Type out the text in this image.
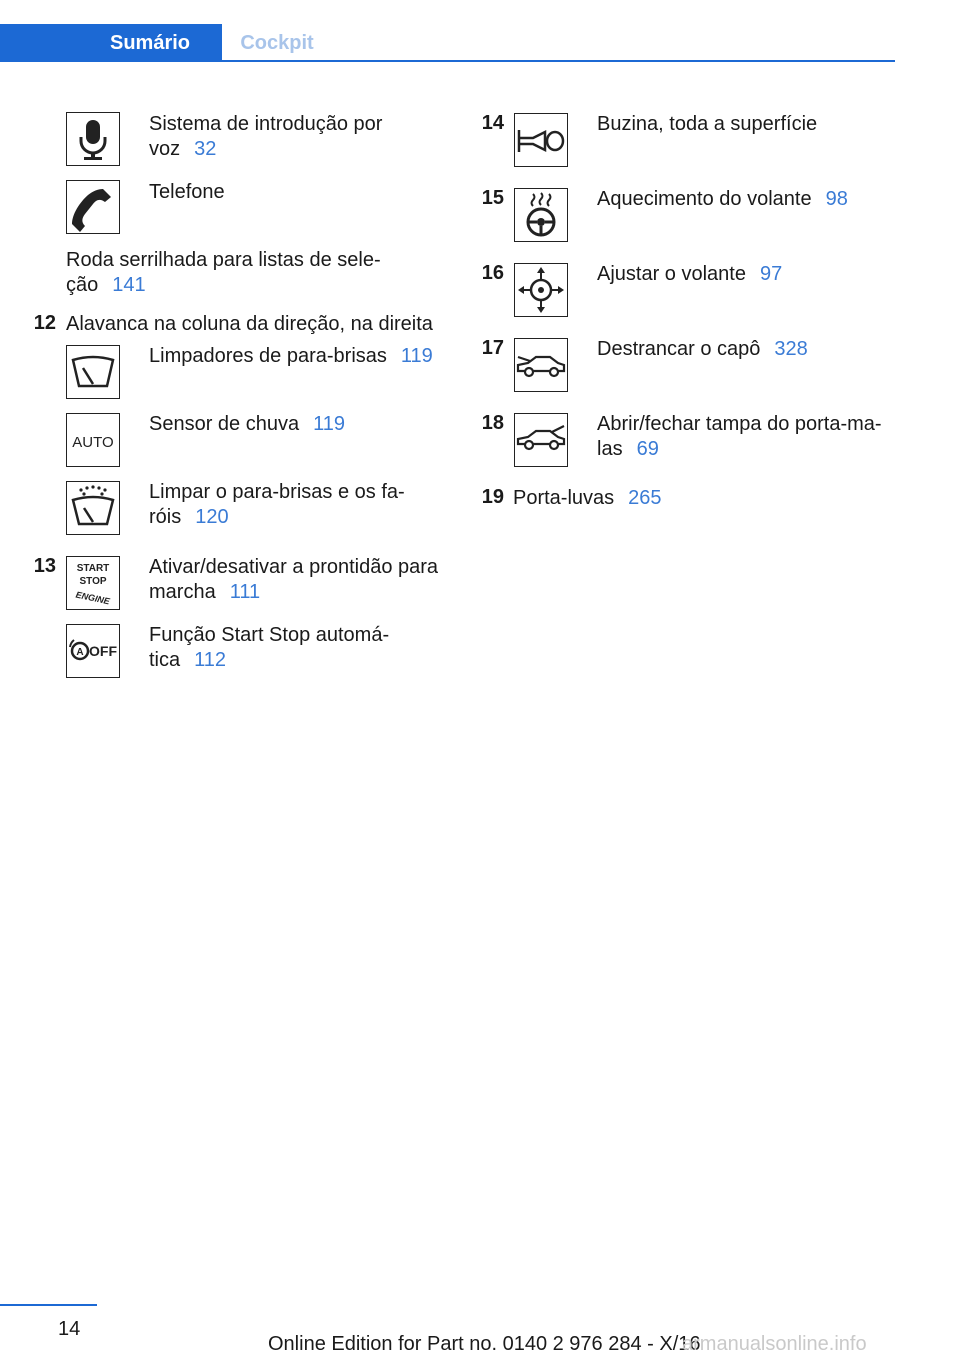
Sumário	Cockpit
Sistema de introdução por
voz 32
Telefone
Roda serrilhada para listas de sele-
ção 141
12 Alavanca na coluna da direção, na direita
Limpadores de para-brisas 119
AUTO
Sensor de chuva 119
Limpar o para-brisas e os fa-
róis 120
13 START
STOP
ENGINE
Ativar/desativar a prontidão para
marcha 111
A OFF
Função Start Stop automá-
tica 112
14	Buzina, toda a superfície
15	Aquecimento do volante 98
16	Ajustar o volante 97
17	Destrancar o capô 328
18	Abrir/fechar tampa do porta-ma-
las 69
19 Porta-luvas 265
14
Online Edition for Part no. 0140 2 976 284 - X/16
armanualsonline.info
